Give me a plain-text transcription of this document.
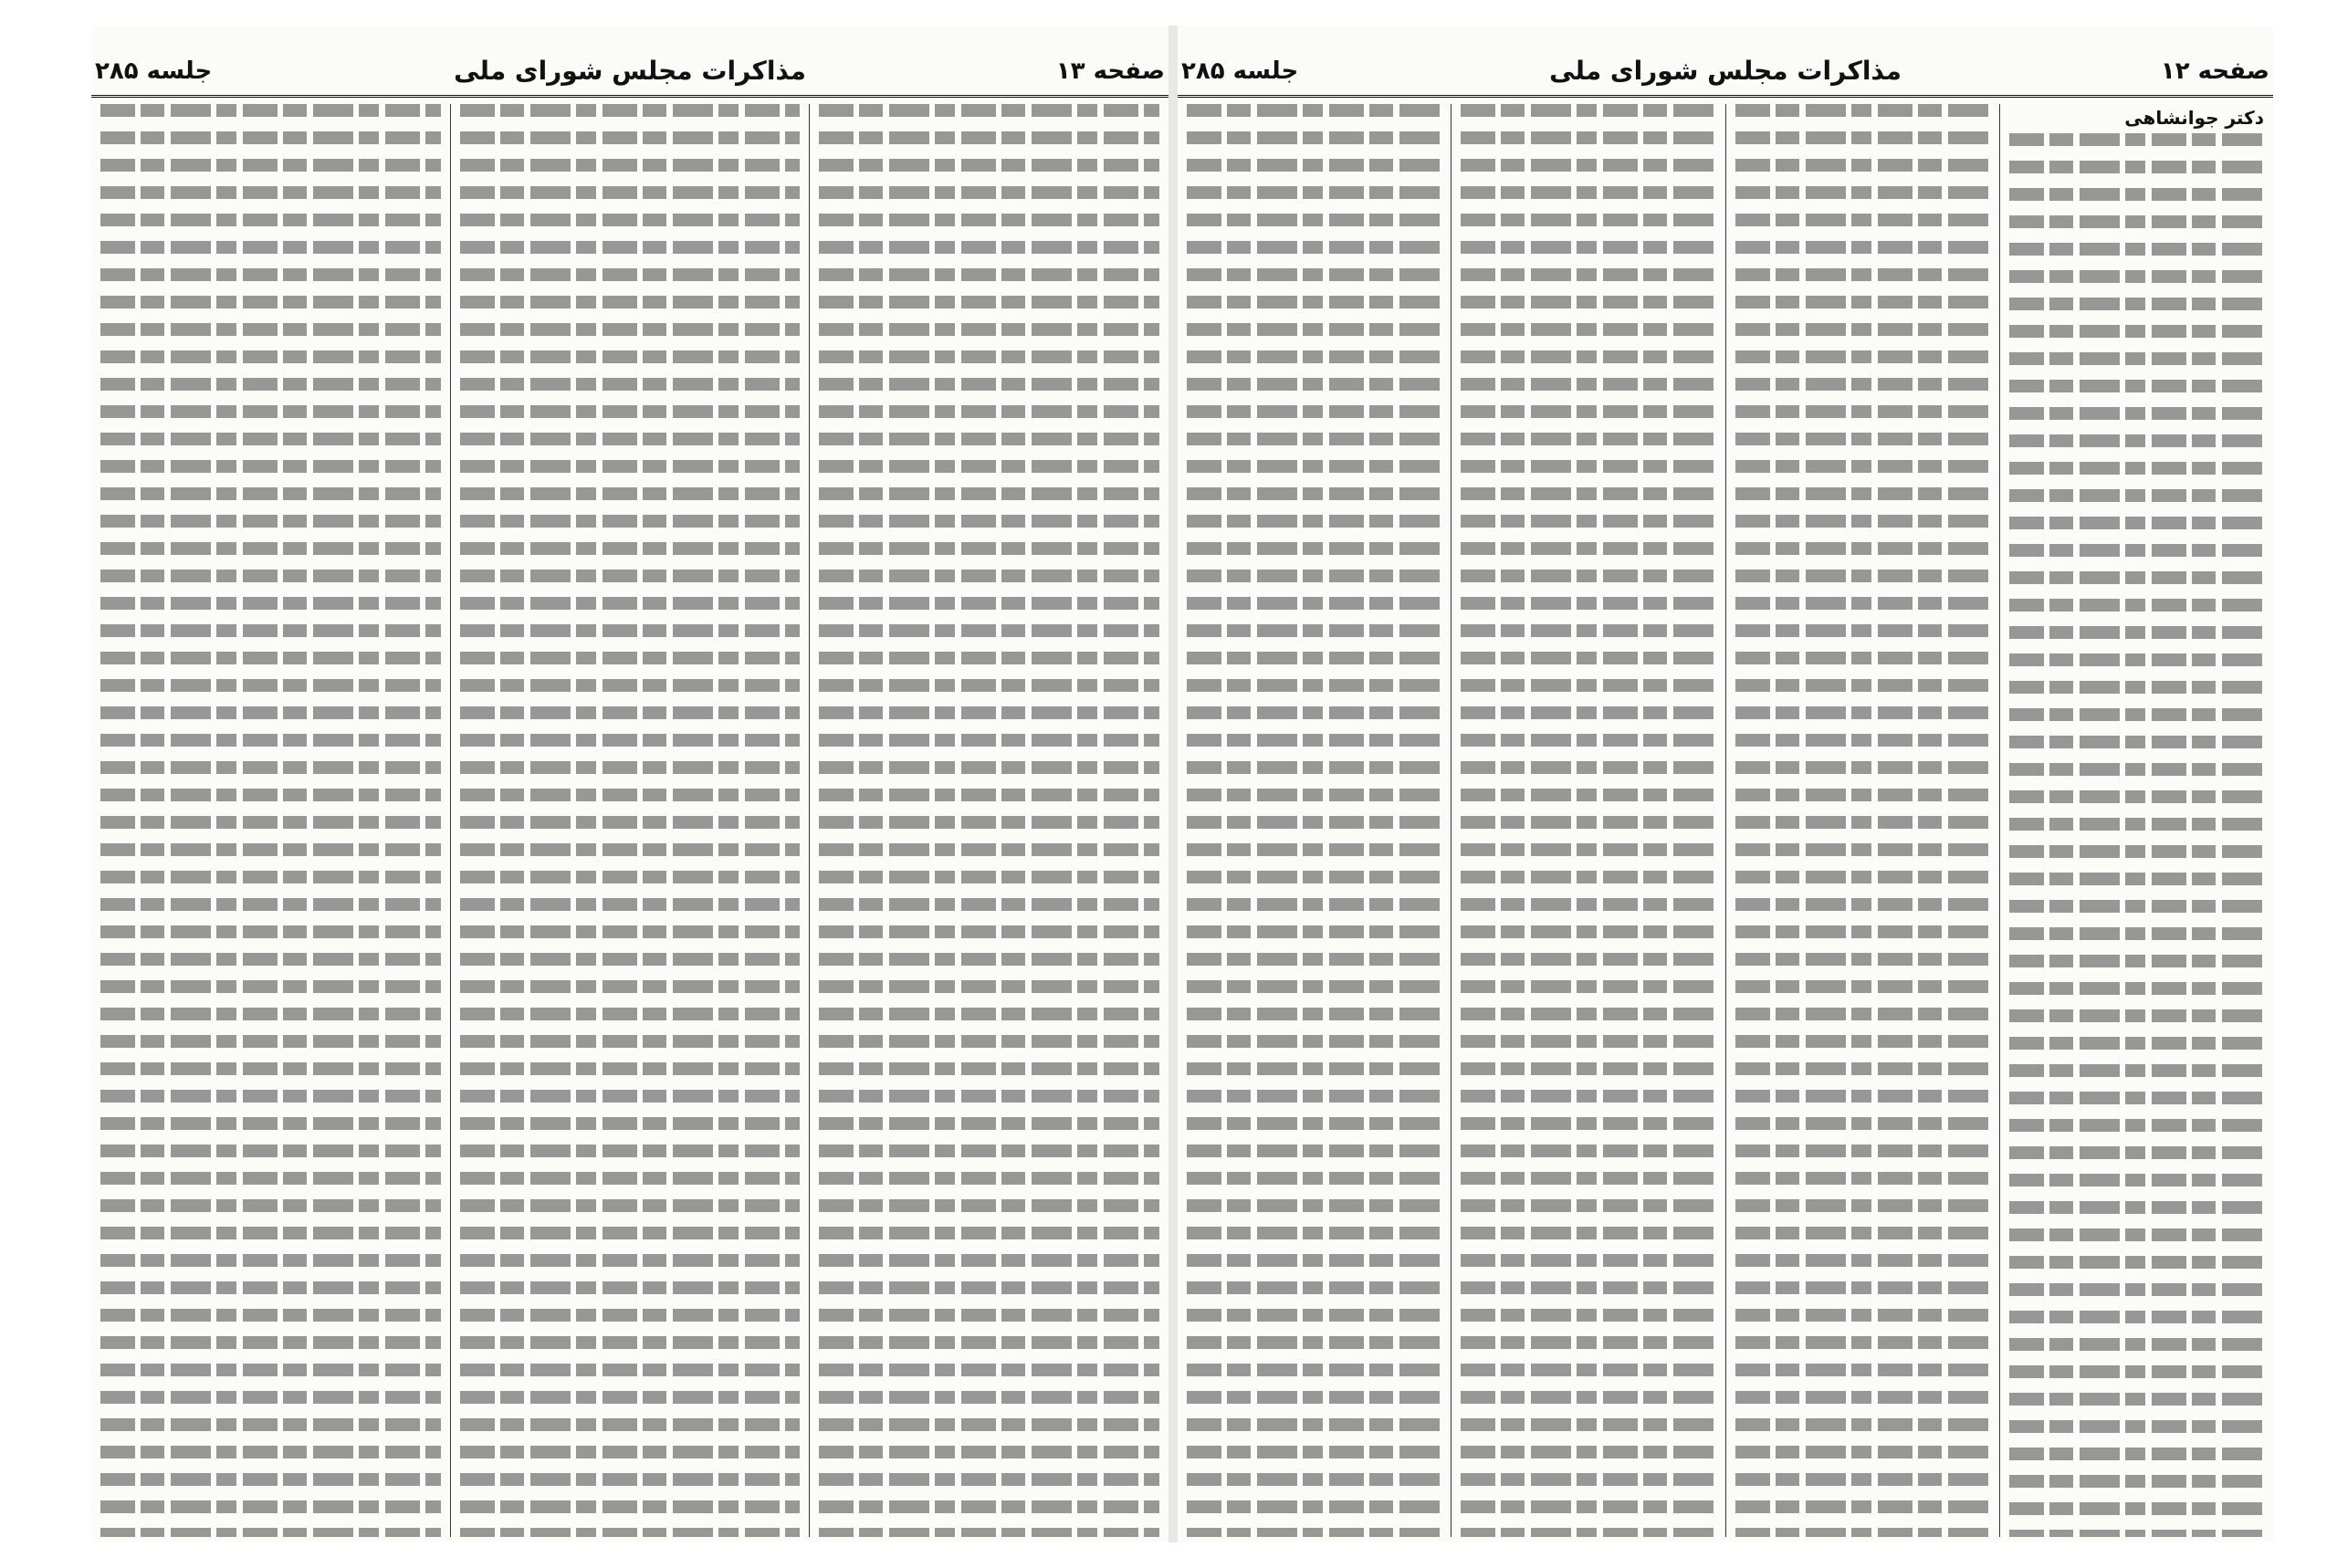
صفحه ۱۳
مذاکرات مجلس شورای ملی
جلسه ۲۸۵	صفحه ۱۲
مذاکرات مجلس شورای ملی
جلسه ۲۸۵
دکتر جوانشاهی
